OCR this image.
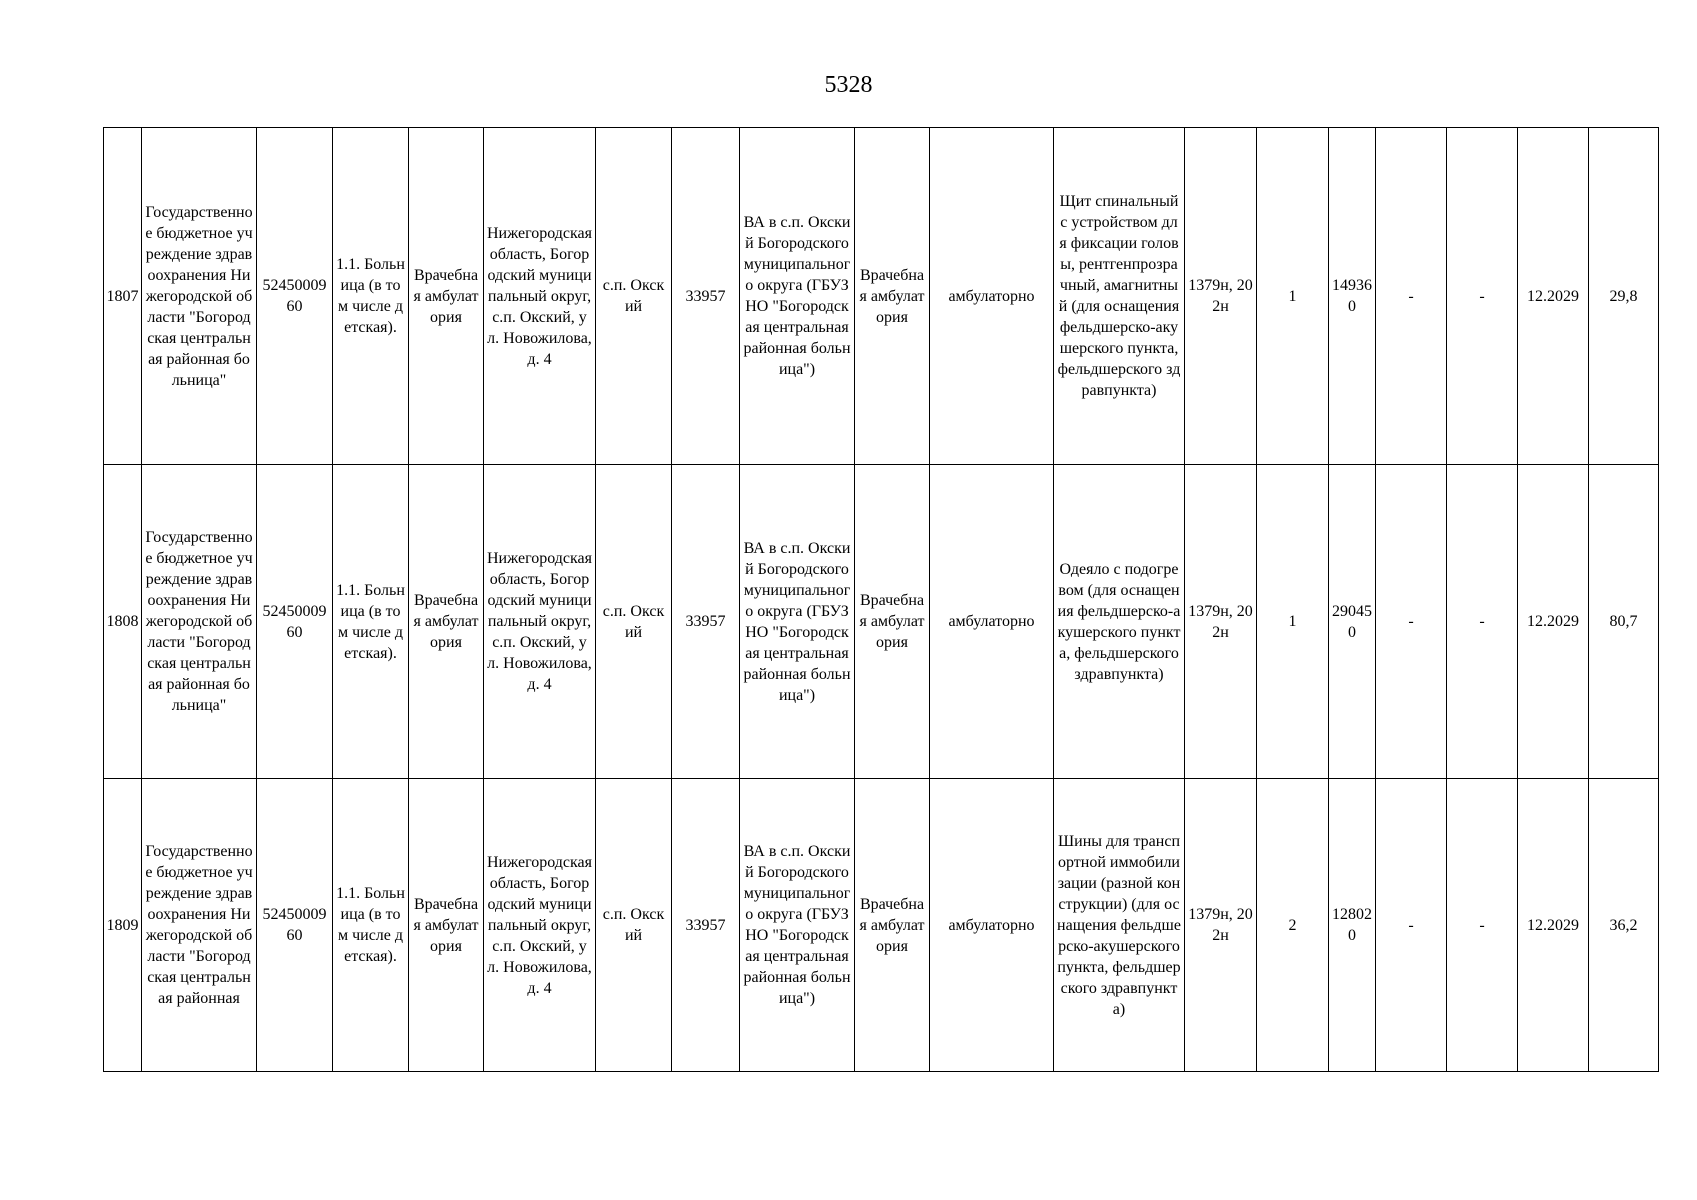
5328
1807	Государственное бюджетное учреждение здравоохранения Нижегородской области "Богородская центральная районная больница"	5245000960	1.1. Больница (в том числе детская).	Врачебная амбулатория	Нижегородская область, Богородский муниципальный округ, с.п. Окский, ул. Новожилова, д. 4	с.п. Окский	33957	ВА в с.п. Окский Богородского муниципального округа (ГБУЗ НО "Богородская центральная районная больница")	Врачебная амбулатория	амбулаторно	Щит спинальный с устройством для фиксации головы, рентгенпрозрачный, амагнитный (для оснащения фельдшерско-акушерского пункта, фельдшерского здравпункта)	1379н, 202н	1	149360	-	-	12.2029	29,8
1808	Государственное бюджетное учреждение здравоохранения Нижегородской области "Богородская центральная районная больница"	5245000960	1.1. Больница (в том числе детская).	Врачебная амбулатория	Нижегородская область, Богородский муниципальный округ, с.п. Окский, ул. Новожилова, д. 4	с.п. Окский	33957	ВА в с.п. Окский Богородского муниципального округа (ГБУЗ НО "Богородская центральная районная больница")	Врачебная амбулатория	амбулаторно	Одеяло с подогревом (для оснащения фельдшерско-акушерского пункта, фельдшерского здравпункта)	1379н, 202н	1	290450	-	-	12.2029	80,7
1809	Государственное бюджетное учреждение здравоохранения Нижегородской области "Богородская центральная районная	5245000960	1.1. Больница (в том числе детская).	Врачебная амбулатория	Нижегородская область, Богородский муниципальный округ, с.п. Окский, ул. Новожилова, д. 4	с.п. Окский	33957	ВА в с.п. Окский Богородского муниципального округа (ГБУЗ НО "Богородская центральная районная больница")	Врачебная амбулатория	амбулаторно	Шины для транспортной иммобилизации (разной конструкции) (для оснащения фельдшерско-акушерского пункта, фельдшерского здравпункта)	1379н, 202н	2	128020	-	-	12.2029	36,2
